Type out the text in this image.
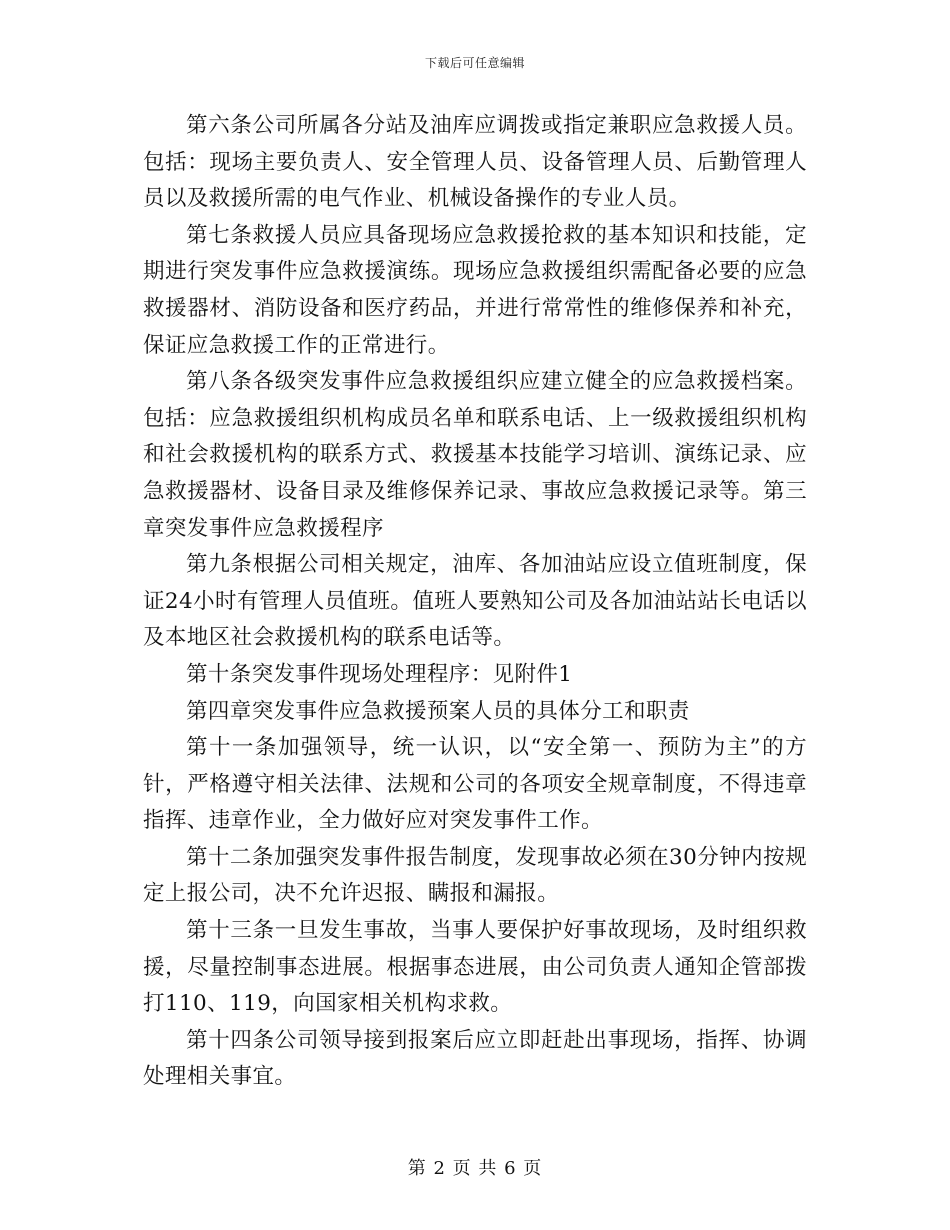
下载后可任意编辑

第六条公司所属各分站及油库应调拨或指定兼职应急救援人员。包括：现场主要负责人、安全管理人员、设备管理人员、后勤管理人员以及救援所需的电气作业、机械设备操作的专业人员。

第七条救援人员应具备现场应急救援抢救的基本知识和技能，定期进行突发事件应急救援演练。现场应急救援组织需配备必要的应急救援器材、消防设备和医疗药品，并进行常常性的维修保养和补充，保证应急救援工作的正常进行。

第八条各级突发事件应急救援组织应建立健全的应急救援档案。包括：应急救援组织机构成员名单和联系电话、上一级救援组织机构和社会救援机构的联系方式、救援基本技能学习培训、演练记录、应急救援器材、设备目录及维修保养记录、事故应急救援记录等。第三章突发事件应急救援程序

第九条根据公司相关规定，油库、各加油站应设立值班制度，保证24小时有管理人员值班。值班人要熟知公司及各加油站站长电话以及本地区社会救援机构的联系电话等。

第十条突发事件现场处理程序：见附件1

第四章突发事件应急救援预案人员的具体分工和职责

第十一条加强领导，统一认识，以“安全第一、预防为主”的方针，严格遵守相关法律、法规和公司的各项安全规章制度，不得违章指挥、违章作业，全力做好应对突发事件工作。

第十二条加强突发事件报告制度，发现事故必须在30分钟内按规定上报公司，决不允许迟报、瞒报和漏报。

第十三条一旦发生事故，当事人要保护好事故现场，及时组织救援，尽量控制事态进展。根据事态进展，由公司负责人通知企管部拨打110、119，向国家相关机构求救。

第十四条公司领导接到报案后应立即赶赴出事现场，指挥、协调处理相关事宜。

第 2 页 共 6 页
